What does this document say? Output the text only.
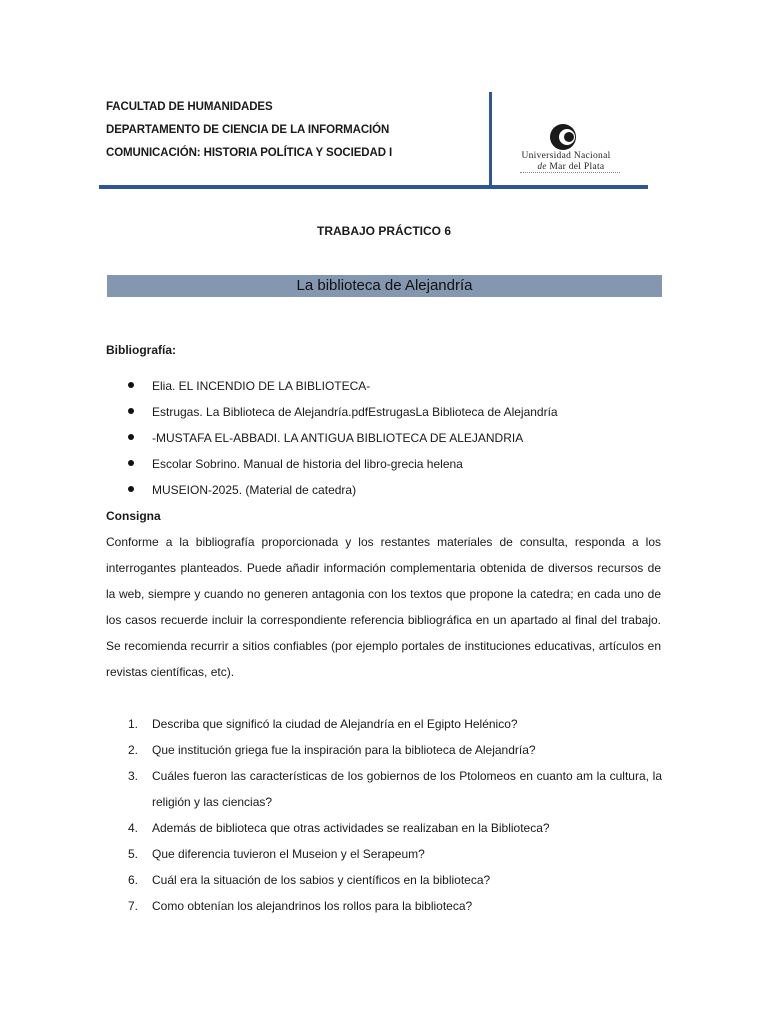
FACULTAD DE HUMANIDADES
DEPARTAMENTO DE CIENCIA DE LA INFORMACIÓN
COMUNICACIÓN: HISTORIA POLÍTICA Y SOCIEDAD I	Universidad Nacional
de Mar del Plata
TRABAJO PRÁCTICO 6
La biblioteca de Alejandría
Bibliografía:
Elia. EL INCENDIO DE LA BIBLIOTECA-
Estrugas. La Biblioteca de Alejandría.pdfEstrugasLa Biblioteca de Alejandría
-MUSTAFA EL-ABBADI. LA ANTIGUA BIBLIOTECA DE ALEJANDRIA
Escolar Sobrino. Manual de historia del libro-grecia helena
MUSEION-2025. (Material de catedra)
Consigna
Conforme a la bibliografía proporcionada y los restantes materiales de consulta, responda a los interrogantes planteados. Puede añadir información complementaria obtenida de diversos recursos de la web, siempre y cuando no generen antagonia con los textos que propone la catedra; en cada uno de los casos recuerde incluir la correspondiente referencia bibliográfica en un apartado al final del trabajo. Se recomienda recurrir a sitios confiables (por ejemplo portales de instituciones educativas, artículos en revistas científicas, etc).
1.	Describa que significó la ciudad de Alejandría en el Egipto Helénico?
2.	Que institución griega fue la inspiración para la biblioteca de Alejandría?
3.	Cuáles fueron las características de los gobiernos de los Ptolomeos en cuanto am la cultura, la religión y las ciencias?
4.	Además de biblioteca que otras actividades se realizaban en la Biblioteca?
5.	Que diferencia tuvieron el Museion y el Serapeum?
6.	Cuál era la situación de los sabios y científicos en la biblioteca?
7.	Como obtenían los alejandrinos los rollos para la biblioteca?
